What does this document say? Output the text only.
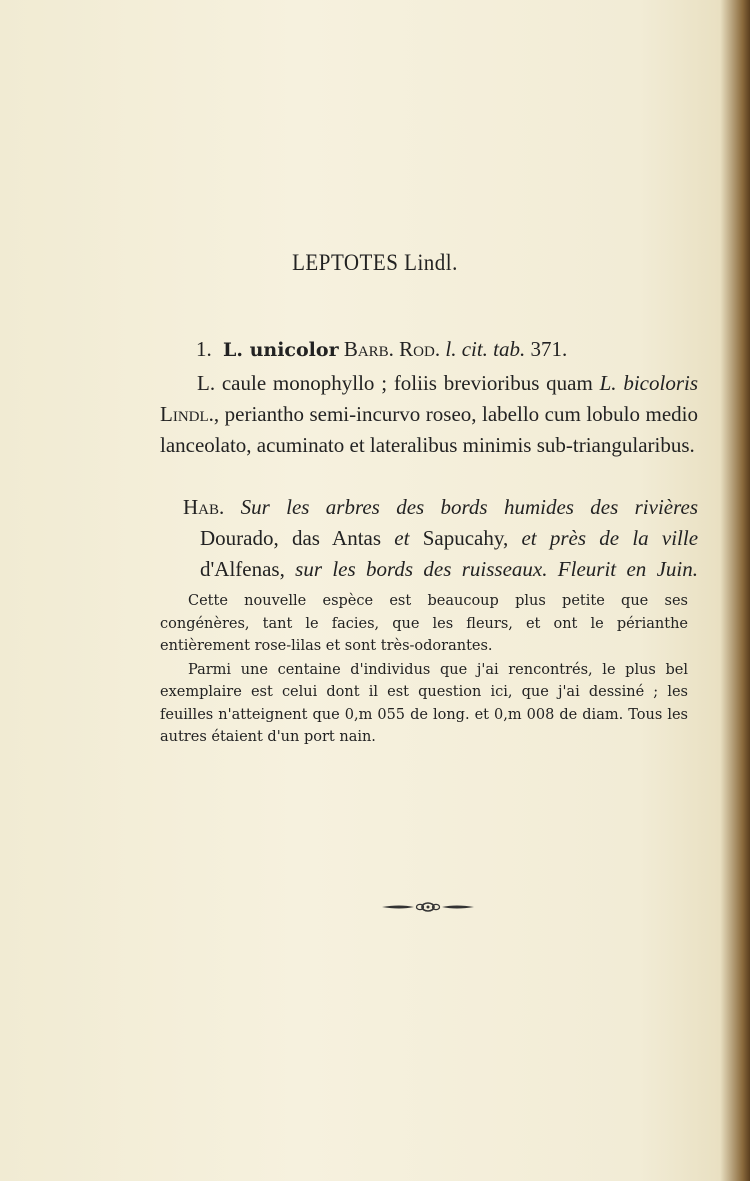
LEPTOTES Lindl.
1. L. unicolor Barb. Rod. l. cit. tab. 371.

L. caule monophyllo ; foliis brevioribus quam L. bicoloris Lindl., perianthо semi-incurvo roseo, labello cum lobulo medio lanceolato, acuminato et lateralibus minimis sub-triangularibus.

Hab. Sur les arbres des bords humides des rivières

Dourado, das Antas et Sapucahy, et près de la ville

d'Alfenas, sur les bords des ruisseaux. Fleurit en Juin.

Cette nouvelle espèce est beaucoup plus petite que ses congénères, tant le facies, que les fleurs, et ont le périanthe entièrement rose-lilas et sont très-odorantes.

Parmi une centaine d'individus que j'ai rencontrés, le plus bel exemplaire est celui dont il est question ici, que j'ai dessiné ; les feuilles n'atteignent que 0,m 055 de long. et 0,m 008 de diam. Tous les autres étaient d'un port nain.
